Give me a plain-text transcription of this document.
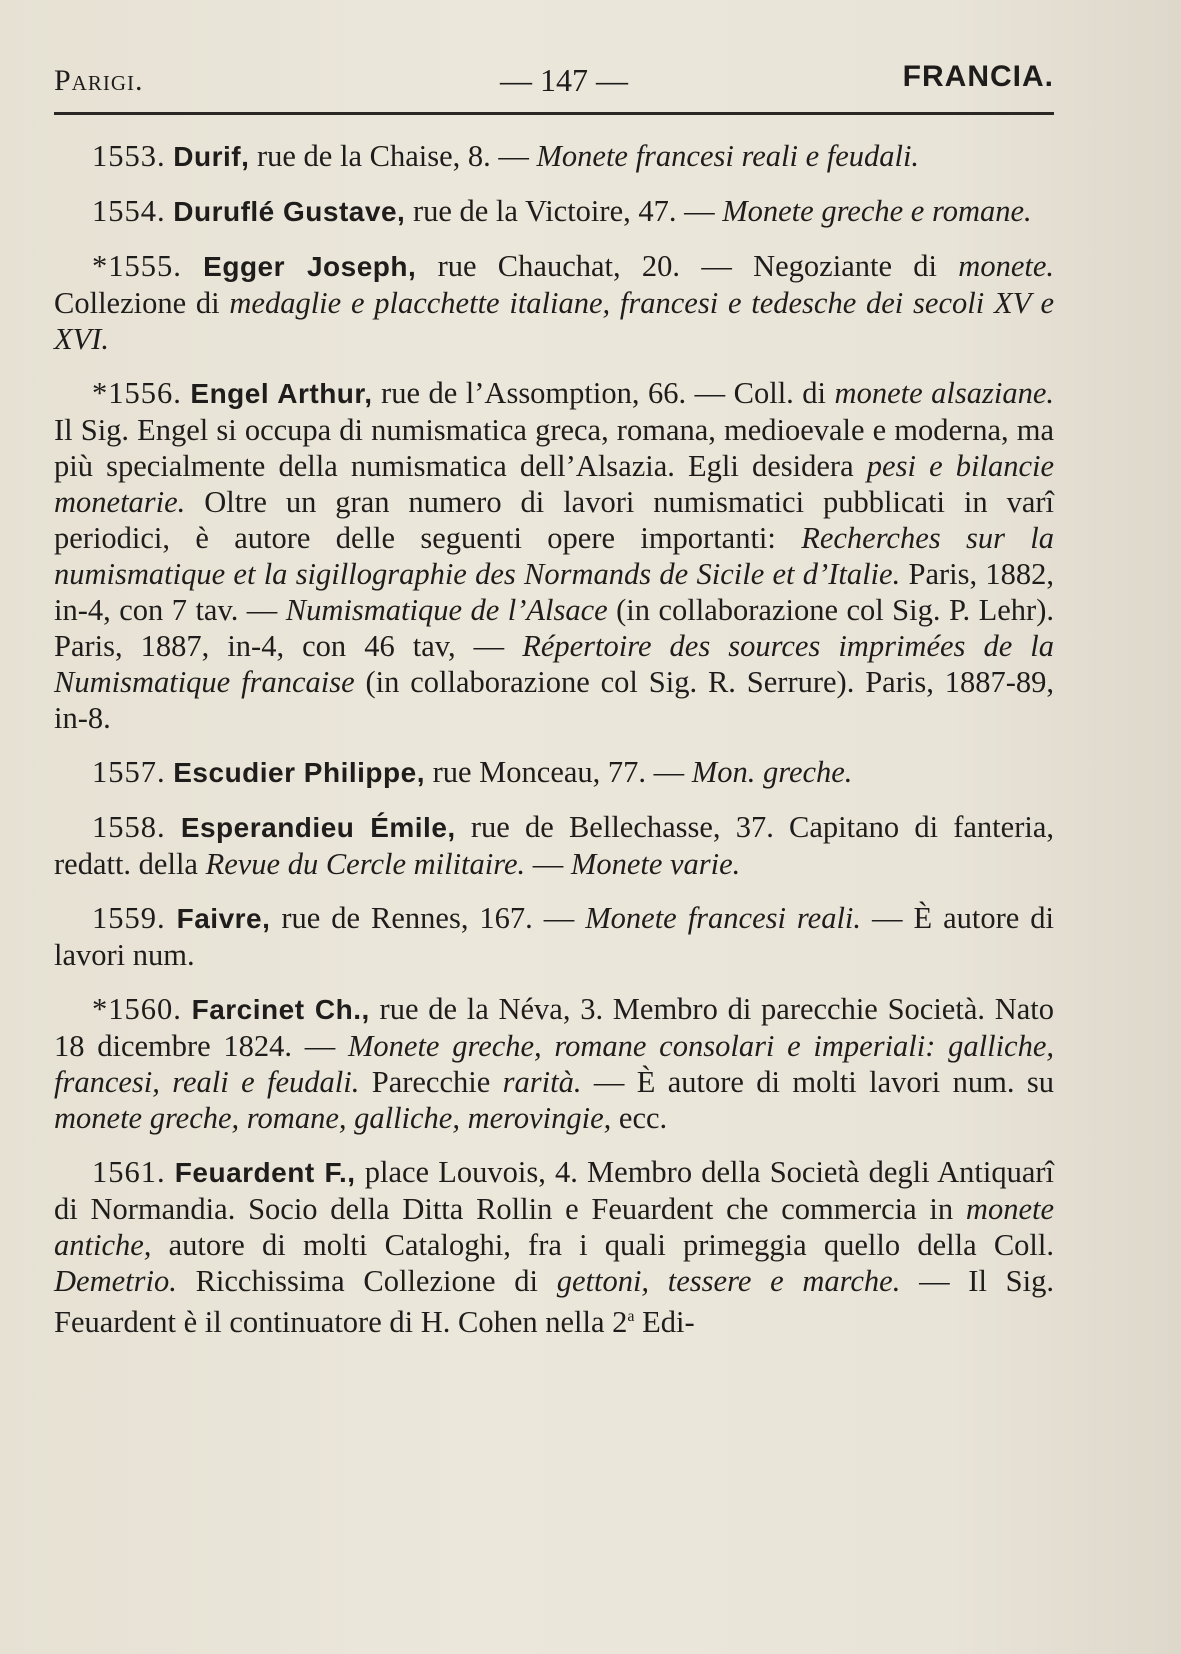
Parigi.	— 147 —	FRANCIA.

1553. Durif, rue de la Chaise, 8. — Monete francesi reali e feudali.

1554. Duruflé Gustave, rue de la Victoire, 47. — Monete greche e romane.

*1555. Egger Joseph, rue Chauchat, 20. — Negoziante di monete. Collezione di medaglie e placchette italiane, francesi e tedesche dei secoli XV e XVI.

*1556. Engel Arthur, rue de l’Assomption, 66. — Coll. di monete alsaziane. Il Sig. Engel si occupa di numismatica greca, romana, medioevale e moderna, ma più specialmente della numismatica dell’Alsazia. Egli desidera pesi e bilancie monetarie. Oltre un gran numero di lavori numismatici pubblicati in varî periodici, è autore delle seguenti opere importanti: Recherches sur la numismatique et la sigillographie des Normands de Sicile et d’Italie. Paris, 1882, in-4, con 7 tav. — Numismatique de l’Alsace (in collaborazione col Sig. P. Lehr). Paris, 1887, in-4, con 46 tav, — Répertoire des sources imprimées de la Numismatique francaise (in collaborazione col Sig. R. Serrure). Paris, 1887-89, in-8.

1557. Escudier Philippe, rue Monceau, 77. — Mon. greche.

1558. Esperandieu Émile, rue de Bellechasse, 37. Capitano di fanteria, redatt. della Revue du Cercle militaire. — Monete varie.

1559. Faivre, rue de Rennes, 167. — Monete francesi reali. — È autore di lavori num.

*1560. Farcinet Ch., rue de la Néva, 3. Membro di parecchie Società. Nato 18 dicembre 1824. — Monete greche, romane consolari e imperiali: galliche, francesi, reali e feudali. Parecchie rarità. — È autore di molti lavori num. su monete greche, romane, galliche, merovingie, ecc.

1561. Feuardent F., place Louvois, 4. Membro della Società degli Antiquarî di Normandia. Socio della Ditta Rollin e Feuardent che commercia in monete antiche, autore di molti Cataloghi, fra i quali primeggia quello della Coll. Demetrio. Ricchissima Collezione di gettoni, tessere e marche. — Il Sig. Feuardent è il continuatore di H. Cohen nella 2$^a$ Edi-
